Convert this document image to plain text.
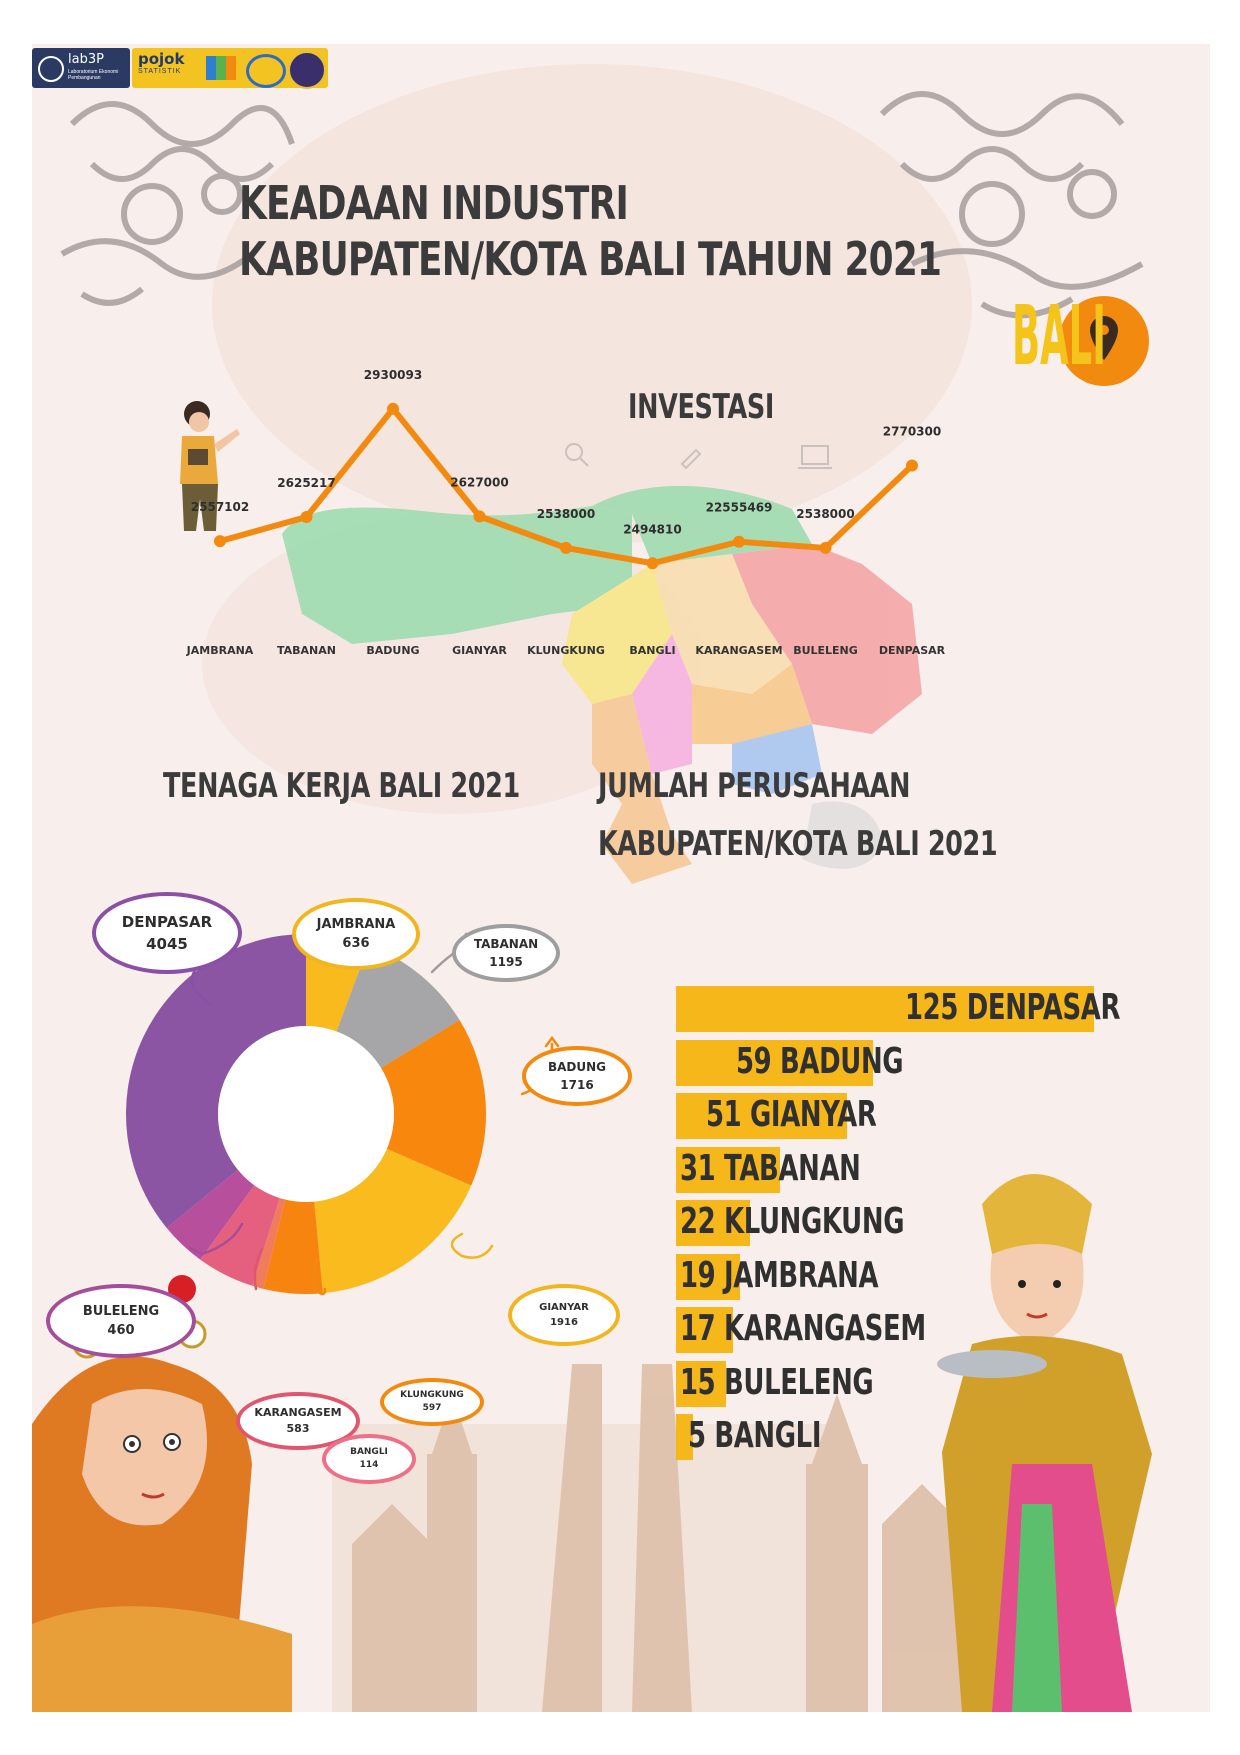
2557102
JAMBRANA
2625217
TABANAN
2930093
BADUNG
2627000
GIANYAR
2538000
KLUNGKUNG
2494810
BANGLI
22555469
KARANGASEM
2538000
BULELENG
2770300
DENPASAR
lab3P
Laboratorium Ekonomi Pembangunan
pojok
STATISTIK
KEADAAN INDUSTRI
KABUPATEN/KOTA BALI TAHUN 2021
BALI
INVESTASI
TENAGA KERJA BALI 2021 JUMLAH PERUSAHAAN
KABUPATEN/KOTA BALI 2021
DENPASAR
4045
JAMBRANA
636	TABANAN
1195
BADUNG
1716
GIANYAR
1916
BULELENG
460
KARANGASEM
583
KLUNGKUNG
597
BANGLI
114
125 DENPASAR
59 BADUNG
51 GIANYAR
31 TABANAN
22 KLUNGKUNG
19 JAMBRANA
17 KARANGASEM
15 BULELENG
5 BANGLI
